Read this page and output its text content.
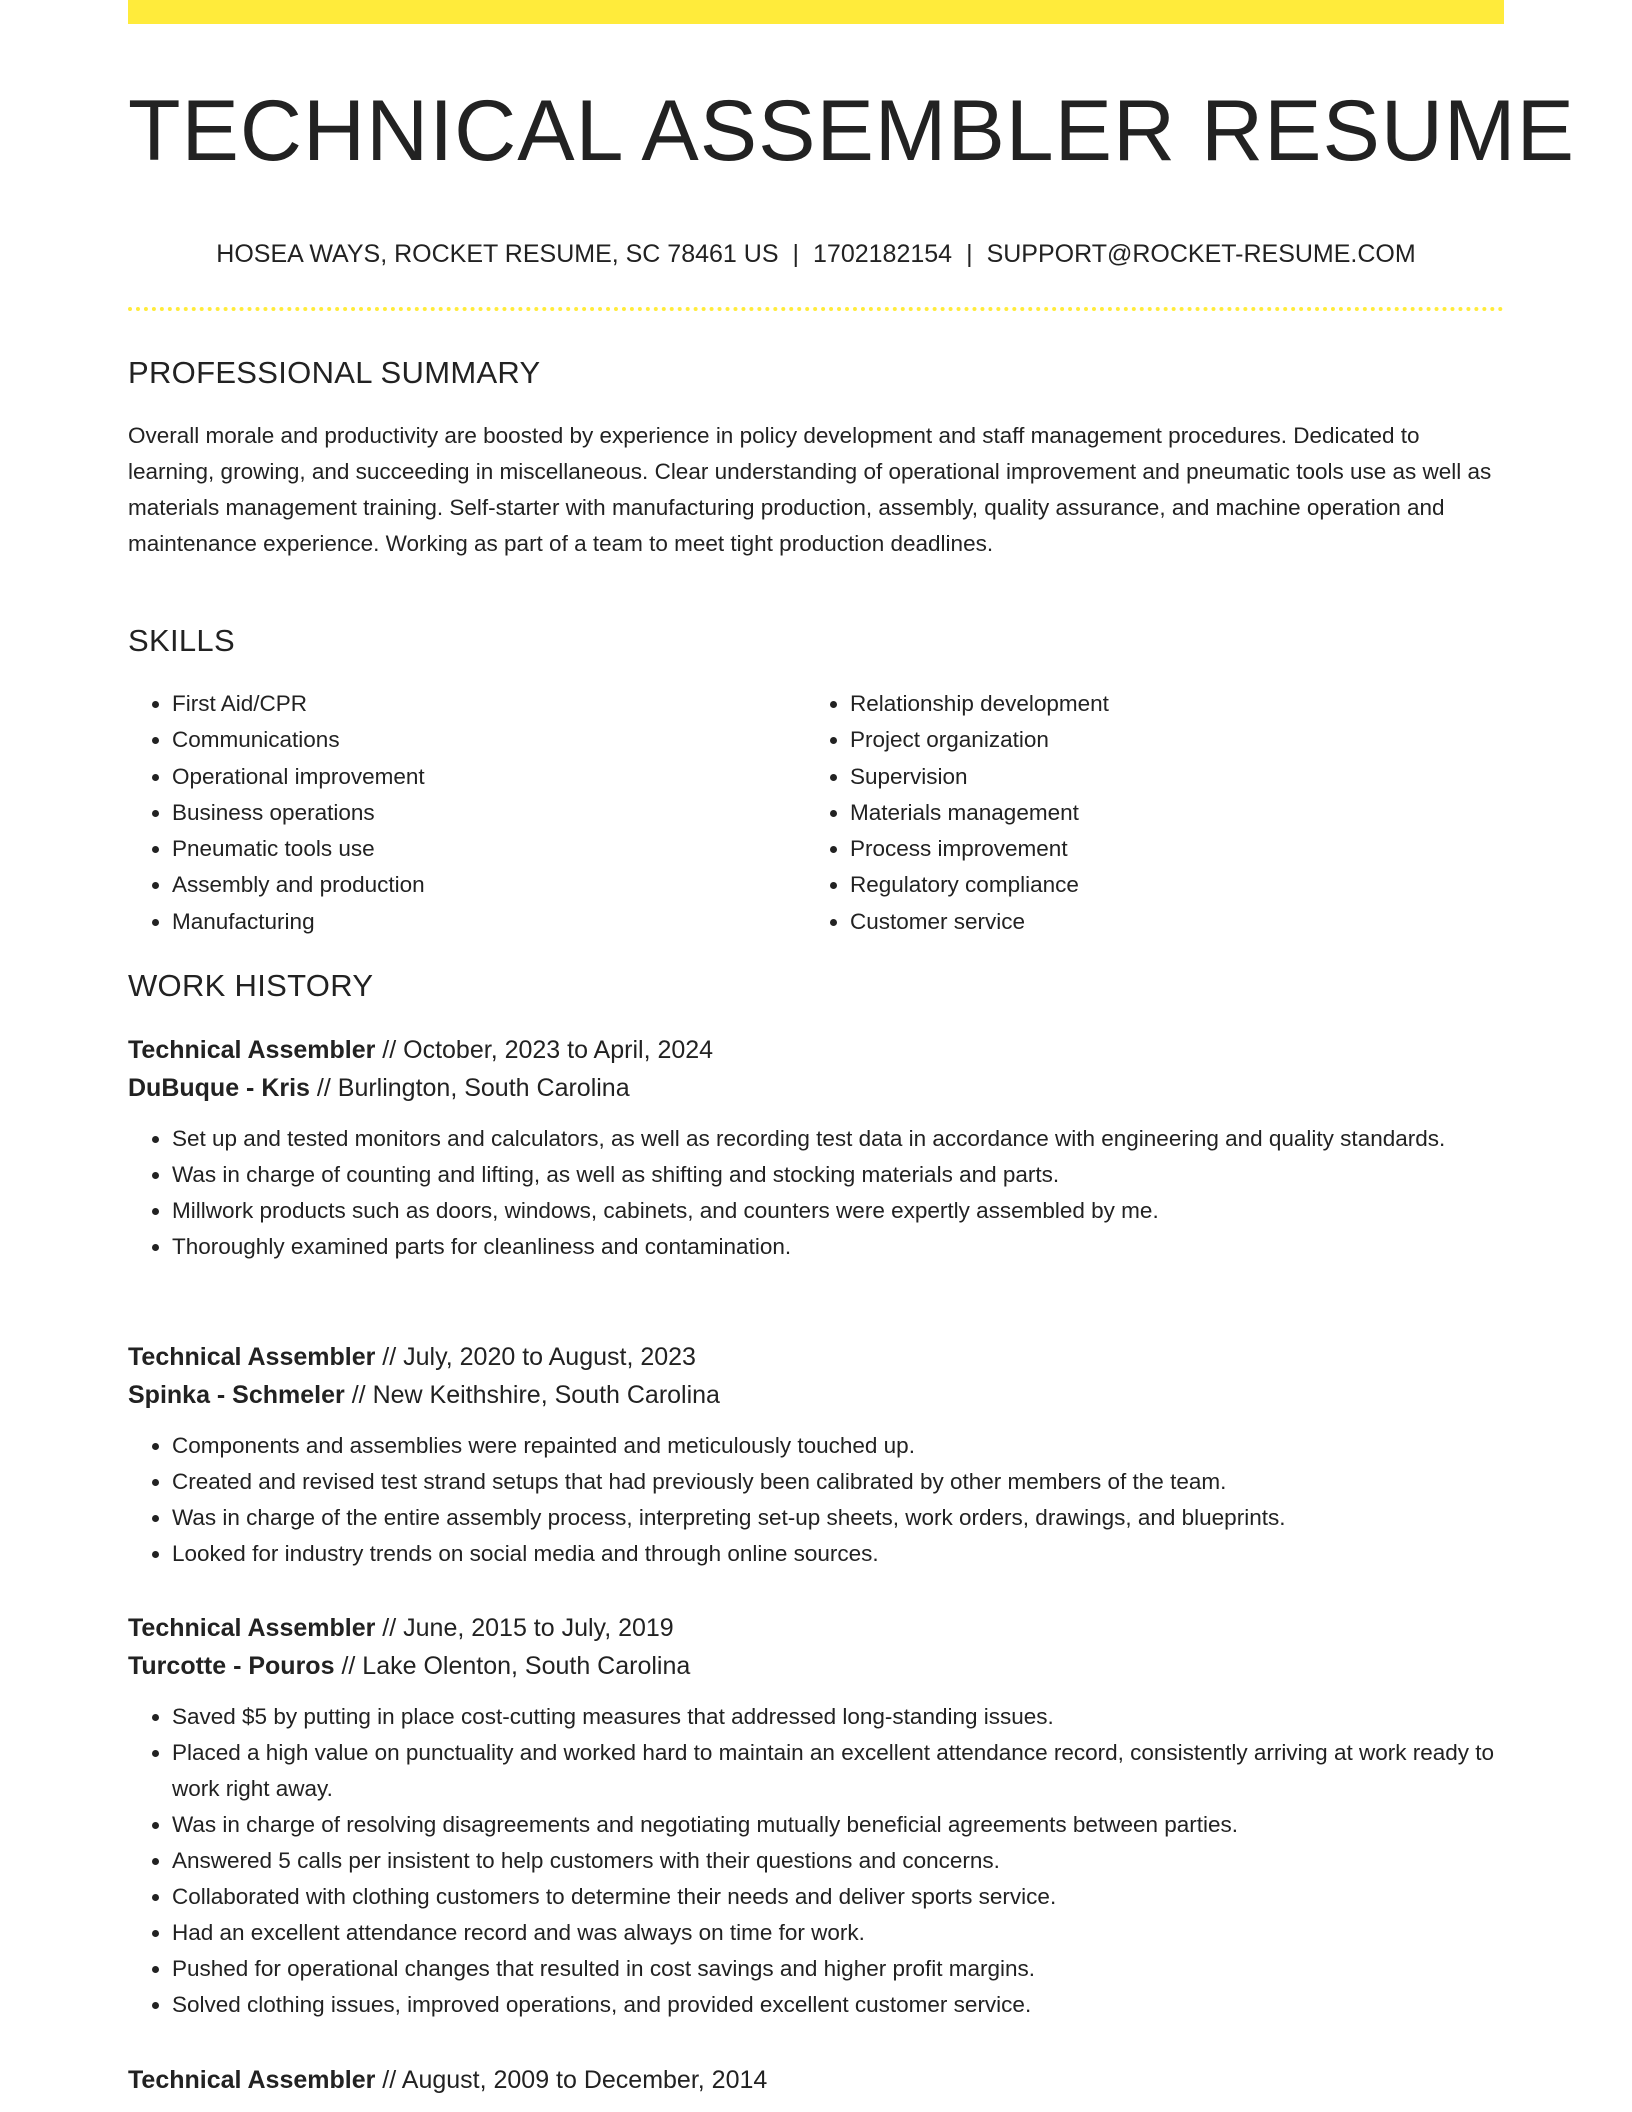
TECHNICAL ASSEMBLER RESUME
HOSEA WAYS, ROCKET RESUME, SC 78461 US | 1702182154 | SUPPORT@ROCKET-RESUME.COM
PROFESSIONAL SUMMARY

Overall morale and productivity are boosted by experience in policy development and staff management procedures. Dedicated to learning, growing, and succeeding in miscellaneous. Clear understanding of operational improvement and pneumatic tools use as well as materials management training. Self-starter with manufacturing production, assembly, quality assurance, and machine operation and maintenance experience. Working as part of a team to meet tight production deadlines.

SKILLS
• First Aid/CPR
• Communications
• Operational improvement
• Business operations
• Pneumatic tools use
• Assembly and production
• Manufacturing
• Relationship development
• Project organization
• Supervision
• Materials management
• Process improvement
• Regulatory compliance
• Customer service
WORK HISTORY
Technical Assembler // October, 2023 to April, 2024
DuBuque - Kris // Burlington, South Carolina
• Set up and tested monitors and calculators, as well as recording test data in accordance with engineering and quality standards.
• Was in charge of counting and lifting, as well as shifting and stocking materials and parts.
• Millwork products such as doors, windows, cabinets, and counters were expertly assembled by me.
• Thoroughly examined parts for cleanliness and contamination.
Technical Assembler // July, 2020 to August, 2023
Spinka - Schmeler // New Keithshire, South Carolina
• Components and assemblies were repainted and meticulously touched up.
• Created and revised test strand setups that had previously been calibrated by other members of the team.
• Was in charge of the entire assembly process, interpreting set-up sheets, work orders, drawings, and blueprints.
• Looked for industry trends on social media and through online sources.
Technical Assembler // June, 2015 to July, 2019
Turcotte - Pouros // Lake Olenton, South Carolina
• Saved $5 by putting in place cost-cutting measures that addressed long-standing issues.
• Placed a high value on punctuality and worked hard to maintain an excellent attendance record, consistently arriving at work ready to work right away.
• Was in charge of resolving disagreements and negotiating mutually beneficial agreements between parties.
• Answered 5 calls per insistent to help customers with their questions and concerns.
• Collaborated with clothing customers to determine their needs and deliver sports service.
• Had an excellent attendance record and was always on time for work.
• Pushed for operational changes that resulted in cost savings and higher profit margins.
• Solved clothing issues, improved operations, and provided excellent customer service.
Technical Assembler // August, 2009 to December, 2014
